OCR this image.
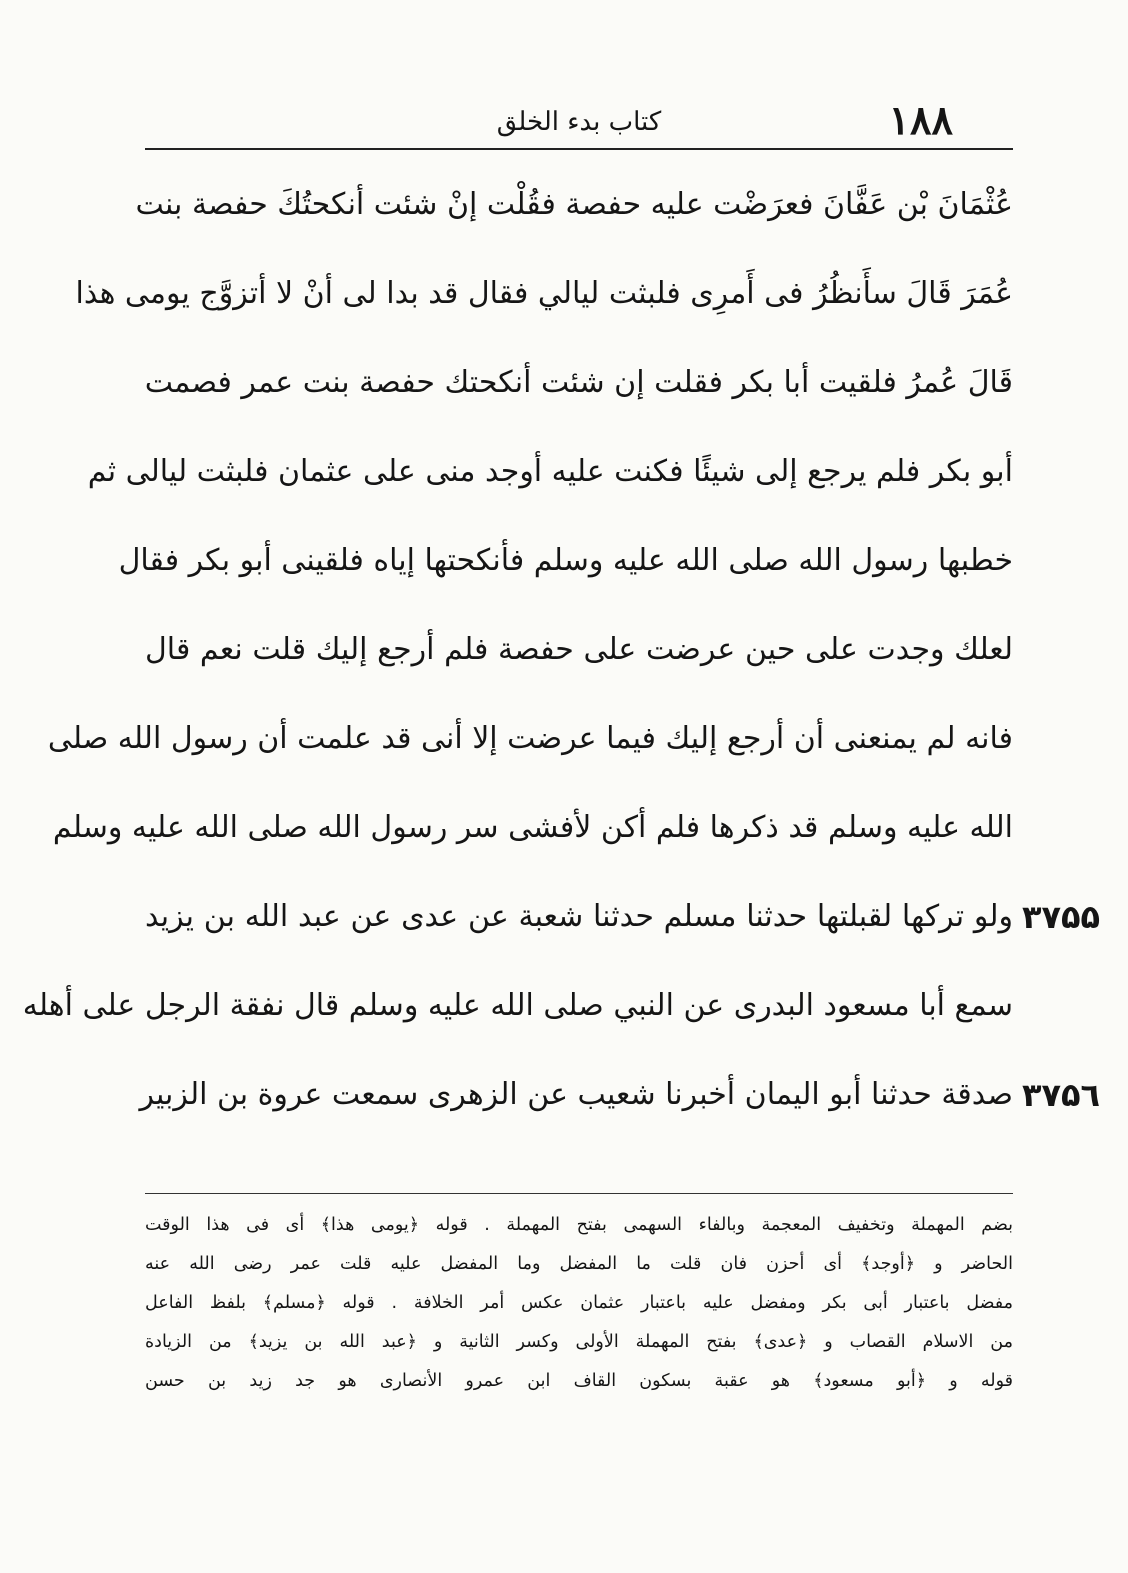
كتاب بدء الخلق	۱۸۸
عُثْمَانَ بْن عَفَّانَ فعرَضْت عليه حفصة فقُلْت إنْ شئت أنكحتُكَ حفصة بنت
عُمَرَ قَالَ سأَنظُرُ فی أَمرِی فلبثت ليالي فقال قد بدا لى أنْ لا أتزوَّج يومی هذا
قَالَ عُمرُ فلقيت أبا بكر فقلت إن شئت أنكحتك حفصة بنت عمر فصمت
أبو بكر فلم يرجع إلى شيئًا فكنت عليه أوجد منى على عثمان فلبثت ليالی ثم
خطبها رسول الله صلى الله عليه وسلم فأنكحتها إياه فلقينى أبو بكر فقال
لعلك وجدت على حين عرضت على حفصة فلم أرجع إليك قلت نعم قال
فانه لم يمنعنى أن أرجع إليك فيما عرضت إلا أنى قد علمت أن رسول الله صلى
الله عليه وسلم قد ذكرها فلم أكن لأفشى سر رسول الله صلى الله عليه وسلم
ولو تركها لقبلتها حدثنا مسلم حدثنا شعبة عن عدى عن عبد الله بن يزيد
سمع أبا مسعود البدرى عن النبي صلى الله عليه وسلم قال نفقة الرجل على أهله
صدقة حدثنا أبو اليمان أخبرنا شعيب عن الزهرى سمعت عروة بن الزبير
۳۷۵۵
۳۷۵٦
بضم المهملة وتخفيف المعجمة وبالفاء السهمى بفتح المهملة . قوله ﴿يومى هذا﴾ أى فى هذا الوقت
الحاضر و ﴿أوجد﴾ أى أحزن فان قلت ما المفضل وما المفضل عليه قلت عمر رضى الله عنه
مفضل باعتبار أبى بكر ومفضل عليه باعتبار عثمان عكس أمر الخلافة . قوله ﴿مسلم﴾ بلفظ الفاعل
من الاسلام القصاب و ﴿عدى﴾ بفتح المهملة الأولى وكسر الثانية و ﴿عبد الله بن يزيد﴾ من الزيادة
قوله و ﴿أبو مسعود﴾ هو عقبة بسكون القاف ابن عمرو الأنصارى هو جد زيد بن حسن
